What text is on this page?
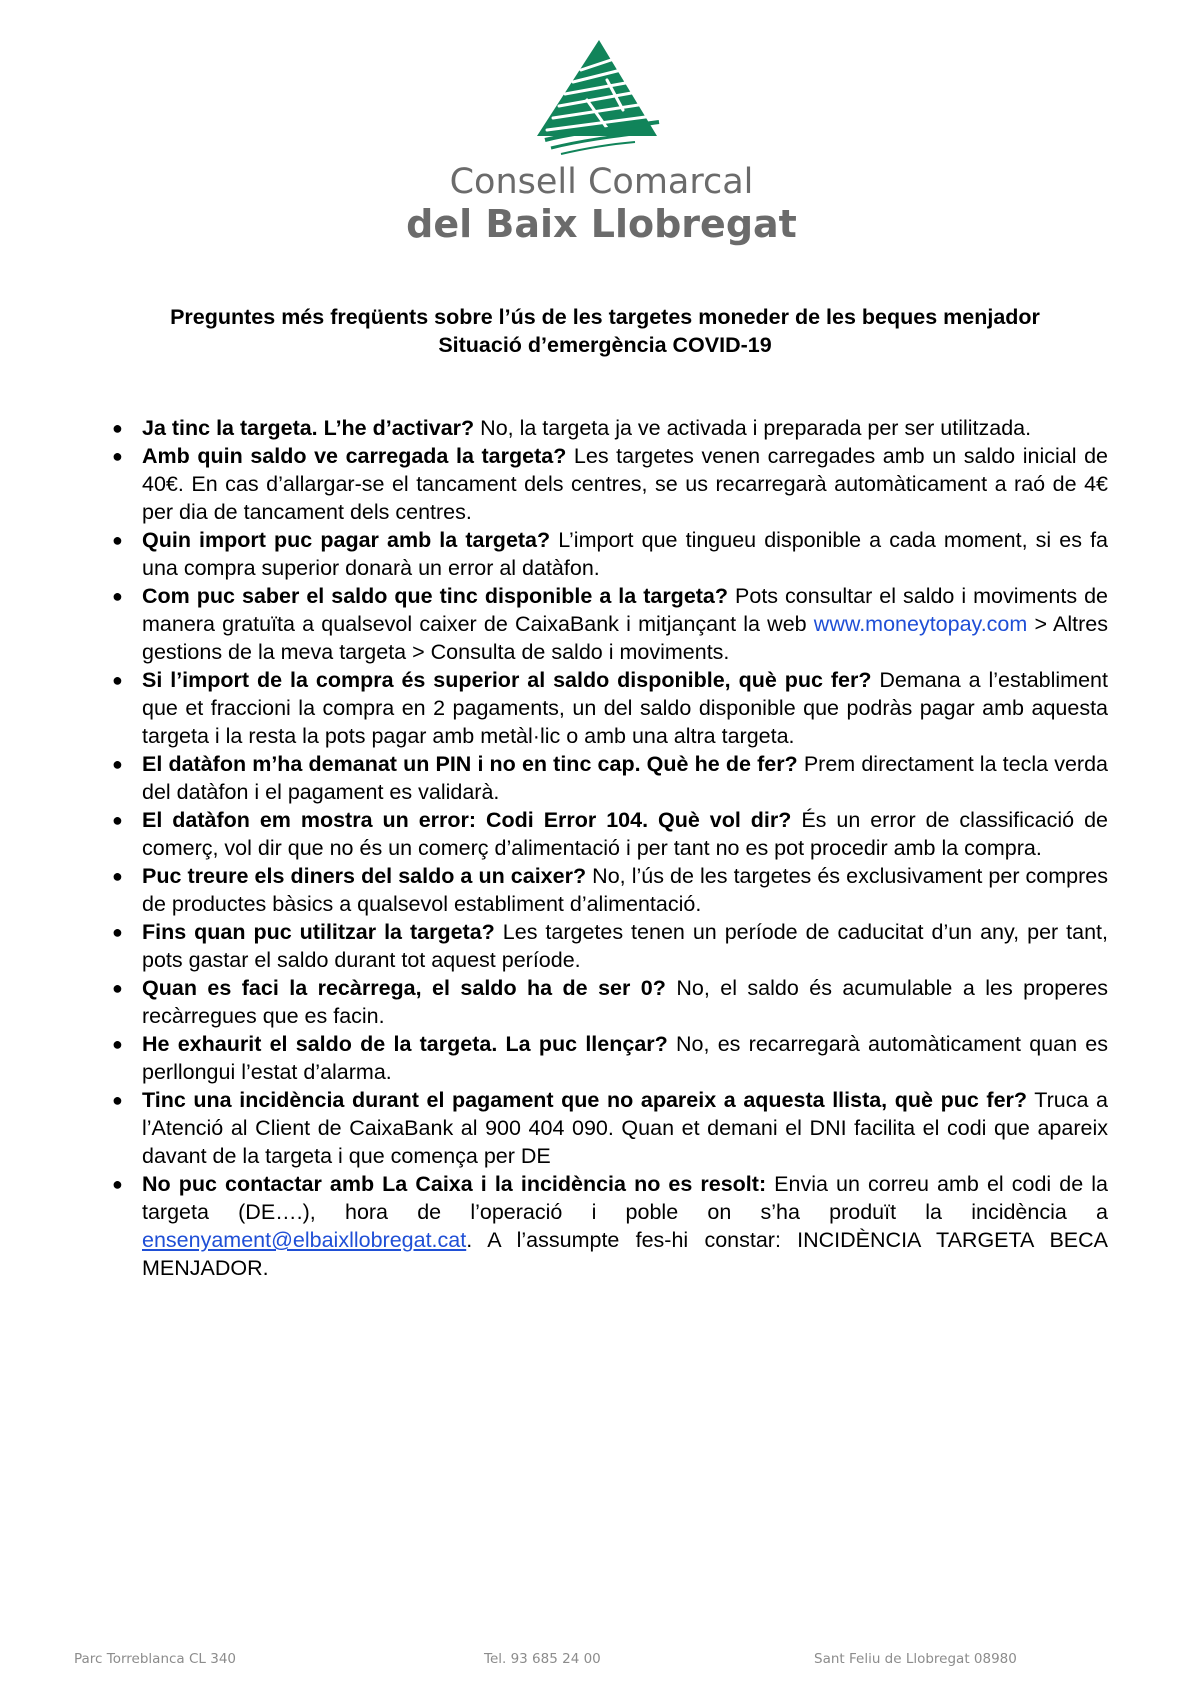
Consell Comarcal
del Baix Llobregat
Preguntes més freqüents sobre l’ús de les targetes moneder de les beques menjador
Situació d’emergència COVID-19
● Ja tinc la targeta. L’he d’activar? No, la targeta ja ve activada i preparada per ser utilitzada.
● Amb quin saldo ve carregada la targeta? Les targetes venen carregades amb un saldo inicial de 40€. En cas d’allargar-se el tancament dels centres, se us recarregarà automàticament a raó de 4€ per dia de tancament dels centres.
● Quin import puc pagar amb la targeta? L’import que tingueu disponible a cada moment, si es fa una compra superior donarà un error al datàfon.
● Com puc saber el saldo que tinc disponible a la targeta? Pots consultar el saldo i moviments de manera gratuïta a qualsevol caixer de CaixaBank i mitjançant la web www.moneytopay.com > Altres gestions de la meva targeta > Consulta de saldo i moviments.
● Si l’import de la compra és superior al saldo disponible, què puc fer? Demana a l’establiment que et fraccioni la compra en 2 pagaments, un del saldo disponible que podràs pagar amb aquesta targeta i la resta la pots pagar amb metàl·lic o amb una altra targeta.
● El datàfon m’ha demanat un PIN i no en tinc cap. Què he de fer? Prem directament la tecla verda del datàfon i el pagament es validarà.
● El datàfon em mostra un error: Codi Error 104. Què vol dir? És un error de classificació de comerç, vol dir que no és un comerç d’alimentació i per tant no es pot procedir amb la compra.
● Puc treure els diners del saldo a un caixer? No, l’ús de les targetes és exclusivament per compres de productes bàsics a qualsevol establiment d’alimentació.
● Fins quan puc utilitzar la targeta? Les targetes tenen un període de caducitat d’un any, per tant, pots gastar el saldo durant tot aquest període.
● Quan es faci la recàrrega, el saldo ha de ser 0? No, el saldo és acumulable a les properes recàrregues que es facin.
● He exhaurit el saldo de la targeta. La puc llençar? No, es recarregarà automàticament quan es perllongui l’estat d’alarma.
● Tinc una incidència durant el pagament que no apareix a aquesta llista, què puc fer? Truca a l’Atenció al Client de CaixaBank al 900 404 090. Quan et demani el DNI facilita el codi que apareix davant de la targeta i que comença per DE
● No puc contactar amb La Caixa i la incidència no es resolt: Envia un correu amb el codi de la targeta (DE….), hora de l’operació i poble on s’ha produït la incidència a ensenyament@elbaixllobregat.cat. A l’assumpte fes-hi constar: INCIDÈNCIA TARGETA BECA MENJADOR.
Parc Torreblanca CL 340	Tel. 93 685 24 00	Sant Feliu de Llobregat 08980
